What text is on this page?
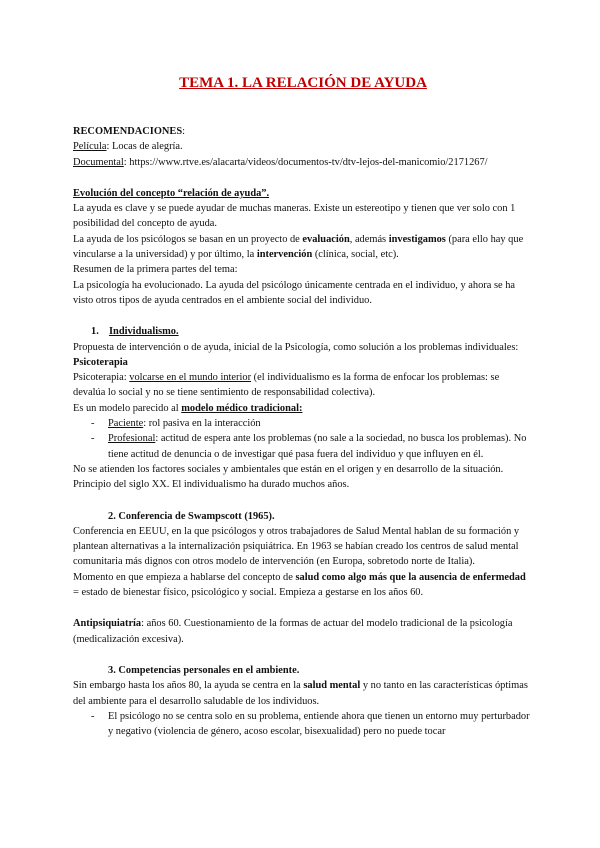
TEMA 1. LA RELACIÓN DE AYUDA

RECOMENDACIONES:

Película: Locas de alegría.

Documental: https://www.rtve.es/alacarta/videos/documentos-tv/dtv-lejos-del-manicomio/2171267/

Evolución del concepto “relación de ayuda”.

La ayuda es clave y se puede ayudar de muchas maneras. Existe un estereotipo y tienen que ver solo con 1 posibilidad del concepto de ayuda.

La ayuda de los psicólogos se basan en un proyecto de evaluación, además investigamos (para ello hay que vincularse a la universidad) y por último, la intervención (clínica, social, etc).

Resumen de la primera partes del tema:

La psicología ha evolucionado. La ayuda del psicólogo únicamente centrada en el individuo, y ahora se ha visto otros tipos de ayuda centrados en el ambiente social del individuo.

1. Individualismo.

Propuesta de intervención o de ayuda, inicial de la Psicología, como solución a los problemas individuales: Psicoterapia

Psicoterapia: volcarse en el mundo interior (el individualismo es la forma de enfocar los problemas: se devalúa lo social y no se tiene sentimiento de responsabilidad colectiva).

Es un modelo parecido al modelo médico tradicional:

- Paciente: rol pasiva en la interacción
- Profesional: actitud de espera ante los problemas (no sale a la sociedad, no busca los problemas). No tiene actitud de denuncia o de investigar qué pasa fuera del individuo y que influyen en él.

No se atienden los factores sociales y ambientales que están en el origen y en desarrollo de la situación.

Principio del siglo XX. El individualismo ha durado muchos años.

2. Conferencia de Swampscott (1965).

Conferencia en EEUU, en la que psicólogos y otros trabajadores de Salud Mental hablan de su formación y plantean alternativas a la internalización psiquiátrica. En 1963 se habían creado los centros de salud mental comunitaria más dignos con otros modelo de intervención (en Europa, sobretodo norte de Italia).

Momento en que empieza a hablarse del concepto de salud como algo más que la ausencia de enfermedad = estado de bienestar físico, psicológico y social. Empieza a gestarse en los años 60.

Antipsiquiatría: años 60. Cuestionamiento de la formas de actuar del modelo tradicional de la psicología (medicalización excesiva).

3. Competencias personales en el ambiente.

Sin embargo hasta los años 80, la ayuda se centra en la salud mental y no tanto en las características óptimas del ambiente para el desarrollo saludable de los individuos.

- El psicólogo no se centra solo en su problema, entiende ahora que tienen un entorno muy perturbador y negativo (violencia de género, acoso escolar, bisexualidad) pero no puede tocar
